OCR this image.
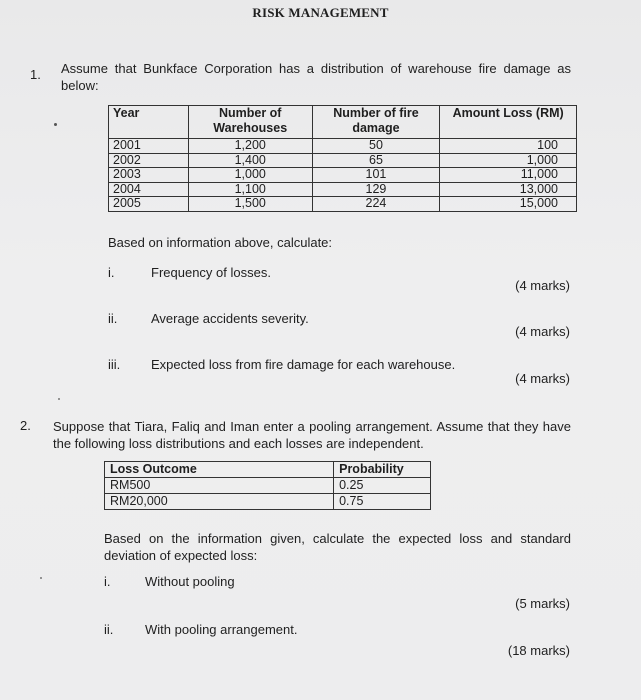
RISK MANAGEMENT
1. Assume that Bunkface Corporation has a distribution of warehouse fire damage as below:
Year	Number of Warehouses	Number of fire damage	Amount Loss (RM)
2001	1,200	50	100
2002	1,400	65	1,000
2003	1,000	101	11,000
2004	1,100	129	13,000
2005	1,500	224	15,000
Based on information above, calculate:
i.	Frequency of losses.
(4 marks)
ii.	Average accidents severity.
(4 marks)
iii. Expected loss from fire damage for each warehouse.
(4 marks)
2. Suppose that Tiara, Faliq and Iman enter a pooling arrangement. Assume that they have the following loss distributions and each losses are independent.
Loss Outcome	Probability
RM500	0.25
RM20,000	0.75
Based on the information given, calculate the expected loss and standard deviation of expected loss:
i.	Without pooling
(5 marks)
ii. With pooling arrangement.
(18 marks)
